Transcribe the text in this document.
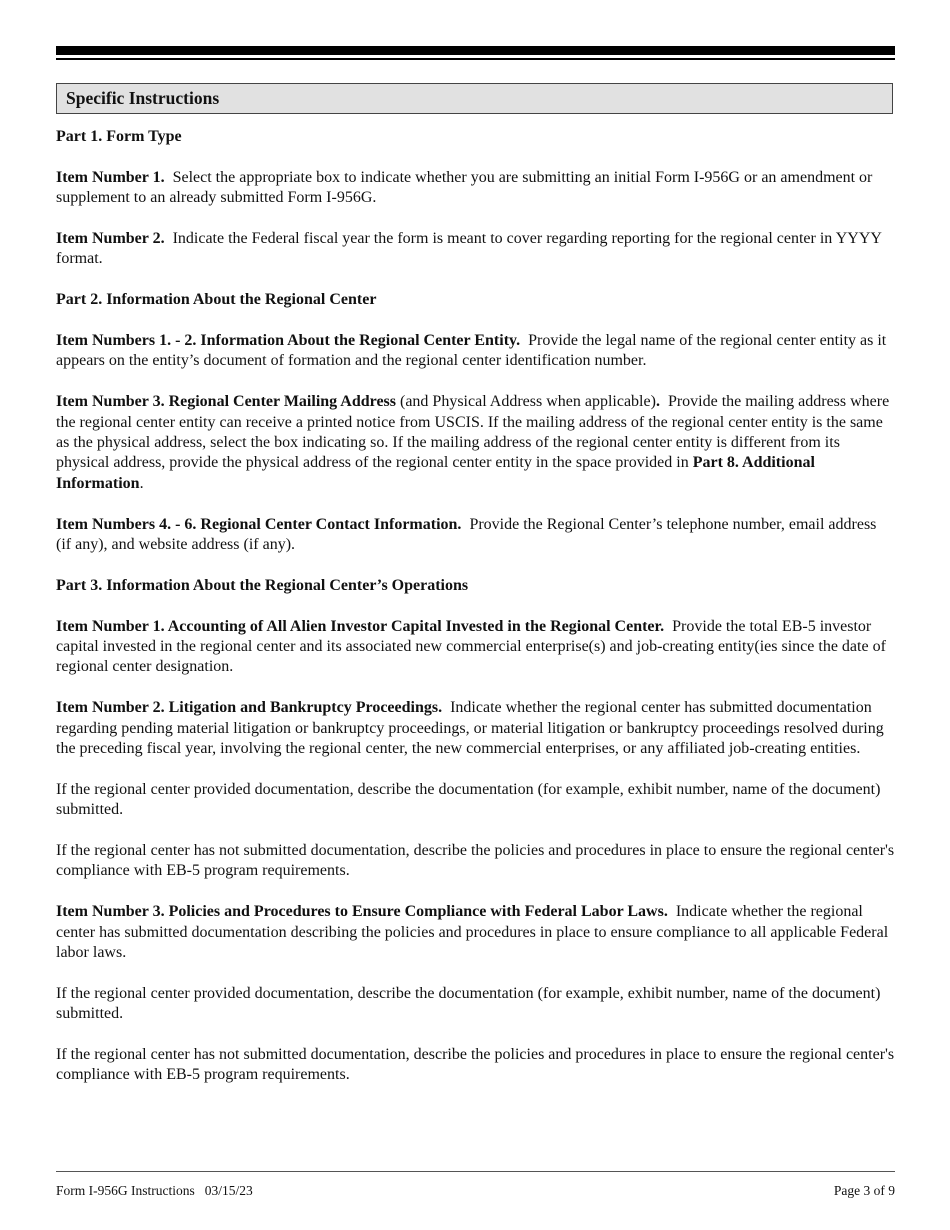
Specific Instructions
Part 1. Form Type

Item Number 1. Select the appropriate box to indicate whether you are submitting an initial Form I-956G or an amendment or supplement to an already submitted Form I-956G.

Item Number 2. Indicate the Federal fiscal year the form is meant to cover regarding reporting for the regional center in YYYY format.

Part 2. Information About the Regional Center

Item Numbers 1. - 2. Information About the Regional Center Entity. Provide the legal name of the regional center entity as it appears on the entity’s document of formation and the regional center identification number.

Item Number 3. Regional Center Mailing Address (and Physical Address when applicable). Provide the mailing address where the regional center entity can receive a printed notice from USCIS. If the mailing address of the regional center entity is the same as the physical address, select the box indicating so. If the mailing address of the regional center entity is different from its physical address, provide the physical address of the regional center entity in the space provided in Part 8. Additional Information.

Item Numbers 4. - 6. Regional Center Contact Information. Provide the Regional Center’s telephone number, email address (if any), and website address (if any).

Part 3. Information About the Regional Center’s Operations

Item Number 1. Accounting of All Alien Investor Capital Invested in the Regional Center. Provide the total EB-5 investor capital invested in the regional center and its associated new commercial enterprise(s) and job-creating entity(ies since the date of regional center designation.

Item Number 2. Litigation and Bankruptcy Proceedings. Indicate whether the regional center has submitted documentation regarding pending material litigation or bankruptcy proceedings, or material litigation or bankruptcy proceedings resolved during the preceding fiscal year, involving the regional center, the new commercial enterprises, or any affiliated job-creating entities.

If the regional center provided documentation, describe the documentation (for example, exhibit number, name of the document) submitted.

If the regional center has not submitted documentation, describe the policies and procedures in place to ensure the regional center's compliance with EB-5 program requirements.

Item Number 3. Policies and Procedures to Ensure Compliance with Federal Labor Laws. Indicate whether the regional center has submitted documentation describing the policies and procedures in place to ensure compliance to all applicable Federal labor laws.

If the regional center provided documentation, describe the documentation (for example, exhibit number, name of the document) submitted.

If the regional center has not submitted documentation, describe the policies and procedures in place to ensure the regional center's compliance with EB-5 program requirements.

Form I-956G Instructions 03/15/23	Page 3 of 9
